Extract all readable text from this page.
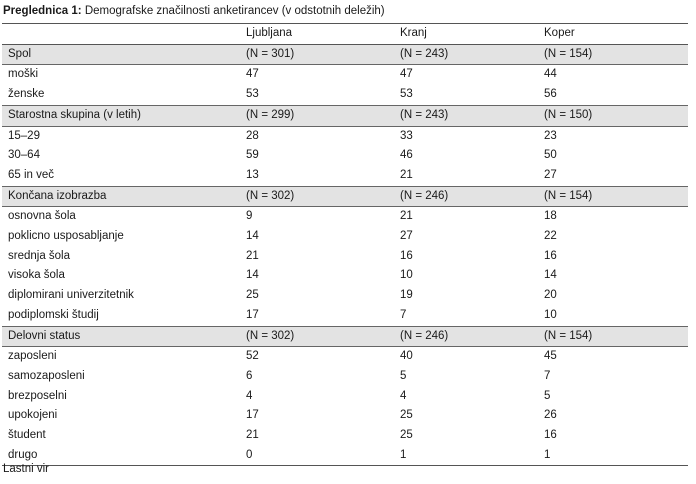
Preglednica 1: Demografske značilnosti anketirancev (v odstotnih deležih)
	Ljubljana	Kranj	Koper
Spol	(N = 301)	(N = 243)	(N = 154)
moški	47	47	44
ženske	53	53	56
Starostna skupina (v letih)	(N = 299)	(N = 243)	(N = 150)
15–29	28	33	23
30–64	59	46	50
65 in več	13	21	27
Končana izobrazba	(N = 302)	(N = 246)	(N = 154)
osnovna šola	9	21	18
poklicno usposabljanje	14	27	22
srednja šola	21	16	16
visoka šola	14	10	14
diplomirani univerzitetnik	25	19	20
podiplomski študij	17	7	10
Delovni status	(N = 302)	(N = 246)	(N = 154)
zaposleni	52	40	45
samozaposleni	6	5	7
brezposelni	4	4	5
upokojeni	17	25	26
študent	21	25	16
drugo	0	1	1
Lastni vir
